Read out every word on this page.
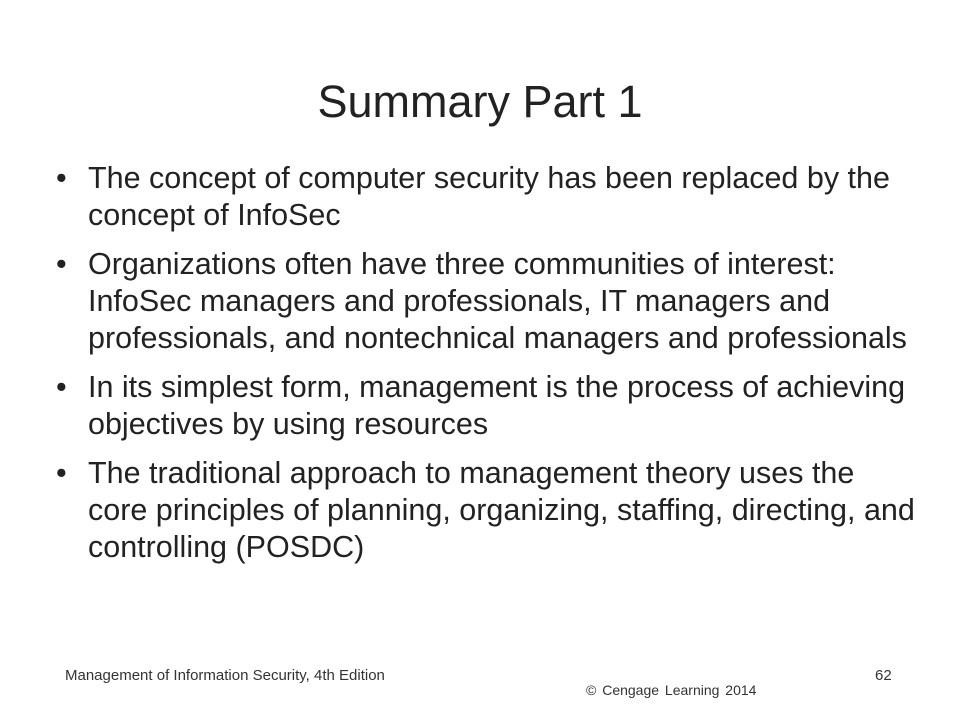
Summary Part 1
• The concept of computer security has been replaced by the concept of InfoSec
• Organizations often have three communities of interest: InfoSec managers and professionals, IT managers and professionals, and nontechnical managers and professionals
• In its simplest form, management is the process of achieving objectives by using resources
• The traditional approach to management theory uses the core principles of planning, organizing, staffing, directing, and controlling (POSDC)
Management of Information Security, 4th Edition
© Cengage Learning 2014
62
